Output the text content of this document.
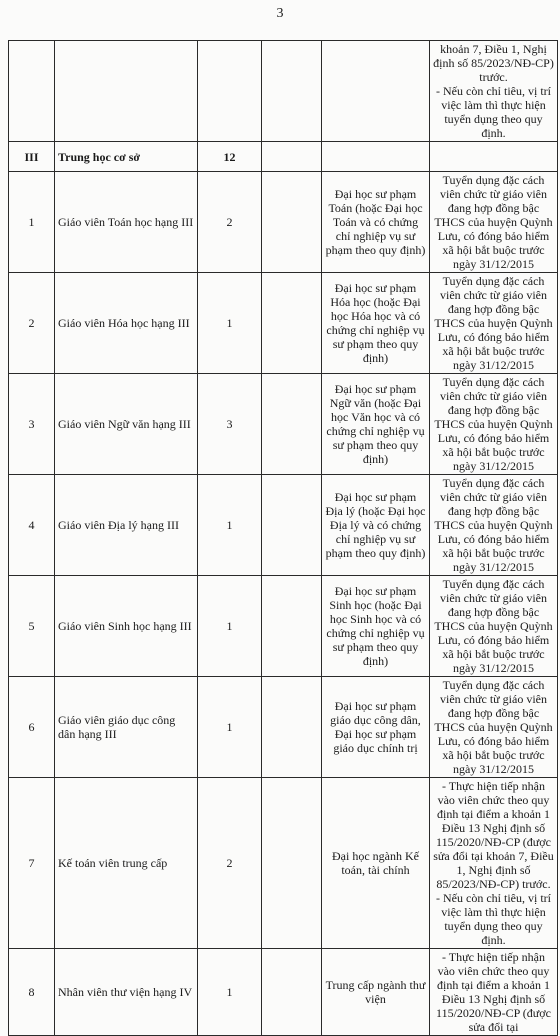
3

					khoản 7, Điều 1, Nghị định số 85/2023/NĐ-CP) trước.
- Nếu còn chỉ tiêu, vị trí việc làm thì thực hiện tuyển dụng theo quy định.

III	Trung học cơ sở	12			
1	Giáo viên Toán học hạng III	2		Đại học sư phạm Toán (hoặc Đại học Toán và có chứng chỉ nghiệp vụ sư phạm theo quy định)	Tuyển dụng đặc cách viên chức từ giáo viên đang hợp đồng bậc THCS của huyện Quỳnh Lưu, có đóng bảo hiểm xã hội bắt buộc trước ngày 31/12/2015

2	Giáo viên Hóa học hạng III	1		Đại học sư phạm Hóa học (hoặc Đại học Hóa học và có chứng chỉ nghiệp vụ sư phạm theo quy định)	Tuyển dụng đặc cách viên chức từ giáo viên đang hợp đồng bậc THCS của huyện Quỳnh Lưu, có đóng bảo hiểm xã hội bắt buộc trước ngày 31/12/2015

3	Giáo viên Ngữ văn hạng III	3		Đại học sư phạm Ngữ văn (hoặc Đại học Văn học và có chứng chỉ nghiệp vụ sư phạm theo quy định)	Tuyển dụng đặc cách viên chức từ giáo viên đang hợp đồng bậc THCS của huyện Quỳnh Lưu, có đóng bảo hiểm xã hội bắt buộc trước ngày 31/12/2015

4	Giáo viên Địa lý hạng III	1		Đại học sư phạm Địa lý (hoặc Đại học Địa lý và có chứng chỉ nghiệp vụ sư phạm theo quy định)	Tuyển dụng đặc cách viên chức từ giáo viên đang hợp đồng bậc THCS của huyện Quỳnh Lưu, có đóng bảo hiểm xã hội bắt buộc trước ngày 31/12/2015

5	Giáo viên Sinh học hạng III	1		Đại học sư phạm Sinh học (hoặc Đại học Sinh học và có chứng chỉ nghiệp vụ sư phạm theo quy định)	Tuyển dụng đặc cách viên chức từ giáo viên đang hợp đồng bậc THCS của huyện Quỳnh Lưu, có đóng bảo hiểm xã hội bắt buộc trước ngày 31/12/2015

6	Giáo viên giáo dục công dân hạng III	1		Đại học sư phạm giáo dục công dân, Đại học sư phạm giáo dục chính trị	Tuyển dụng đặc cách viên chức từ giáo viên đang hợp đồng bậc THCS của huyện Quỳnh Lưu, có đóng bảo hiểm xã hội bắt buộc trước ngày 31/12/2015

7	Kế toán viên trung cấp	2		Đại học ngành Kế toán, tài chính	- Thực hiện tiếp nhận vào viên chức theo quy định tại điểm a khoản 1 Điều 13 Nghị định số 115/2020/NĐ-CP (được sửa đổi tại khoản 7, Điều 1, Nghị định số 85/2023/NĐ-CP) trước.
- Nếu còn chỉ tiêu, vị trí việc làm thì thực hiện tuyển dụng theo quy định.

8	Nhân viên thư viện hạng IV	1		Trung cấp ngành thư viện	- Thực hiện tiếp nhận vào viên chức theo quy định tại điểm a khoản 1 Điều 13 Nghị định số 115/2020/NĐ-CP (được sửa đổi tại
